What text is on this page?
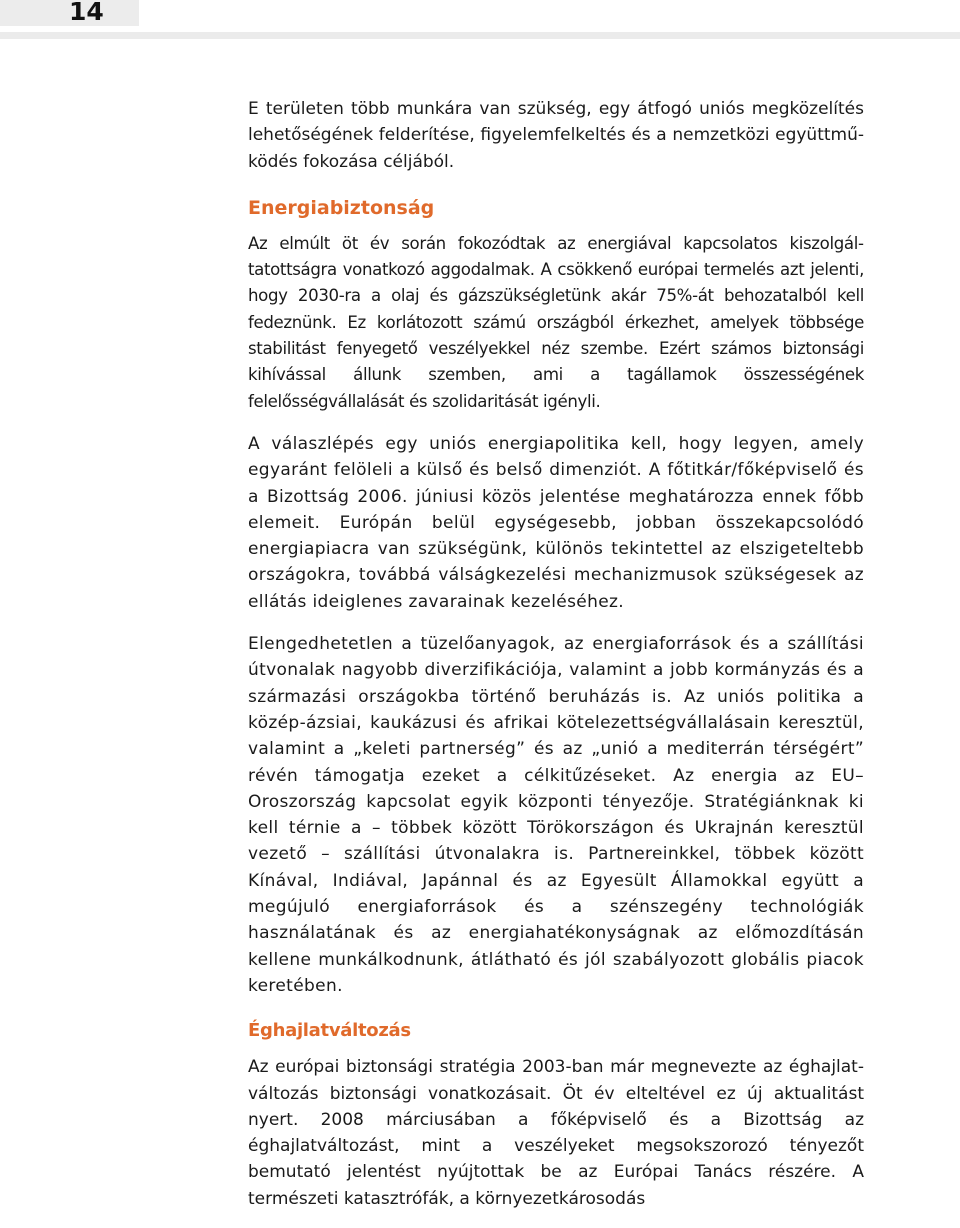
14

E területen több munkára van szükség, egy átfogó uniós megközelítés lehetőségének felderítése, figyelemfelkeltés és a nemzetközi együttműködés fokozása céljából.

Energiabiztonság

Az elmúlt öt év során fokozódtak az energiával kapcsolatos kiszolgáltatottságra vonatkozó aggodalmak. A csökkenő európai termelés azt jelenti, hogy 2030-ra a olaj és gázszükségletünk akár 75%-át behozatalból kell fedeznünk. Ez korlátozott számú országból érkezhet, amelyek többsége stabilitást fenyegető veszélyekkel néz szembe. Ezért számos biztonsági kihívással állunk szemben, ami a tagállamok összességének felelősségvállalását és szolidaritását igényli.

A válaszlépés egy uniós energiapolitika kell, hogy legyen, amely egyaránt felöleli a külső és belső dimenziót. A főtitkár/főképviselő és a Bizottság 2006. júniusi közös jelentése meghatározza ennek főbb elemeit. Európán belül egységesebb, jobban összekapcsolódó energiapiacra van szükségünk, különös tekintettel az elszigeteltebb országokra, továbbá válságkezelési mechanizmusok szükségesek az ellátás ideiglenes zavarainak kezeléséhez.

Elengedhetetlen a tüzelőanyagok, az energiaforrások és a szállítási útvonalak nagyobb diverzifikációja, valamint a jobb kormányzás és a származási országokba történő beruházás is. Az uniós politika a közép-ázsiai, kaukázusi és afrikai kötelezettségvállalásain keresztül, valamint a „keleti partnerség” és az „unió a mediterrán térségért” révén támogatja ezeket a célkitűzéseket. Az energia az EU–Oroszország kapcsolat egyik központi tényezője. Stratégiánknak ki kell térnie a – többek között Törökországon és Ukrajnán keresztül vezető – szállítási útvonalakra is. Partnereinkkel, többek között Kínával, Indiával, Japánnal és az Egyesült Államokkal együtt a megújuló energiaforrások és a szénszegény technológiák használatának és az energiahatékonyságnak az előmozdításán kellene munkálkodnunk, átlátható és jól szabályozott globális piacok keretében.

Éghajlatváltozás

Az európai biztonsági stratégia 2003-ban már megnevezte az éghajlatváltozás biztonsági vonatkozásait. Öt év elteltével ez új aktualitást nyert. 2008 márciusában a főképviselő és a Bizottság az éghajlatváltozást, mint a veszélyeket megsokszorozó tényezőt bemutató jelentést nyújtottak be az Európai Tanács részére. A természeti katasztrófák, a környezetkárosodás
